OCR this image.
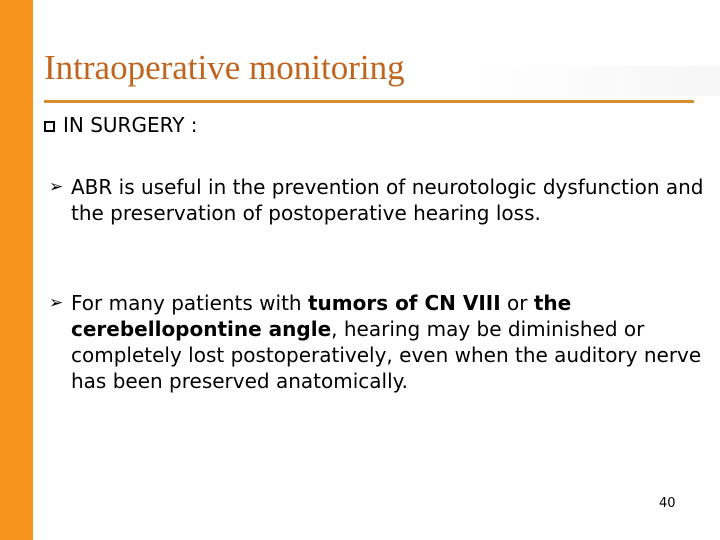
Intraoperative monitoring
IN SURGERY :
➢ ABR is useful in the prevention of neurotologic dysfunction and the preservation of postoperative hearing loss.
➢ For many patients with tumors of CN VIII or the cerebellopontine angle, hearing may be diminished or completely lost postoperatively, even when the auditory nerve has been preserved anatomically.
40
